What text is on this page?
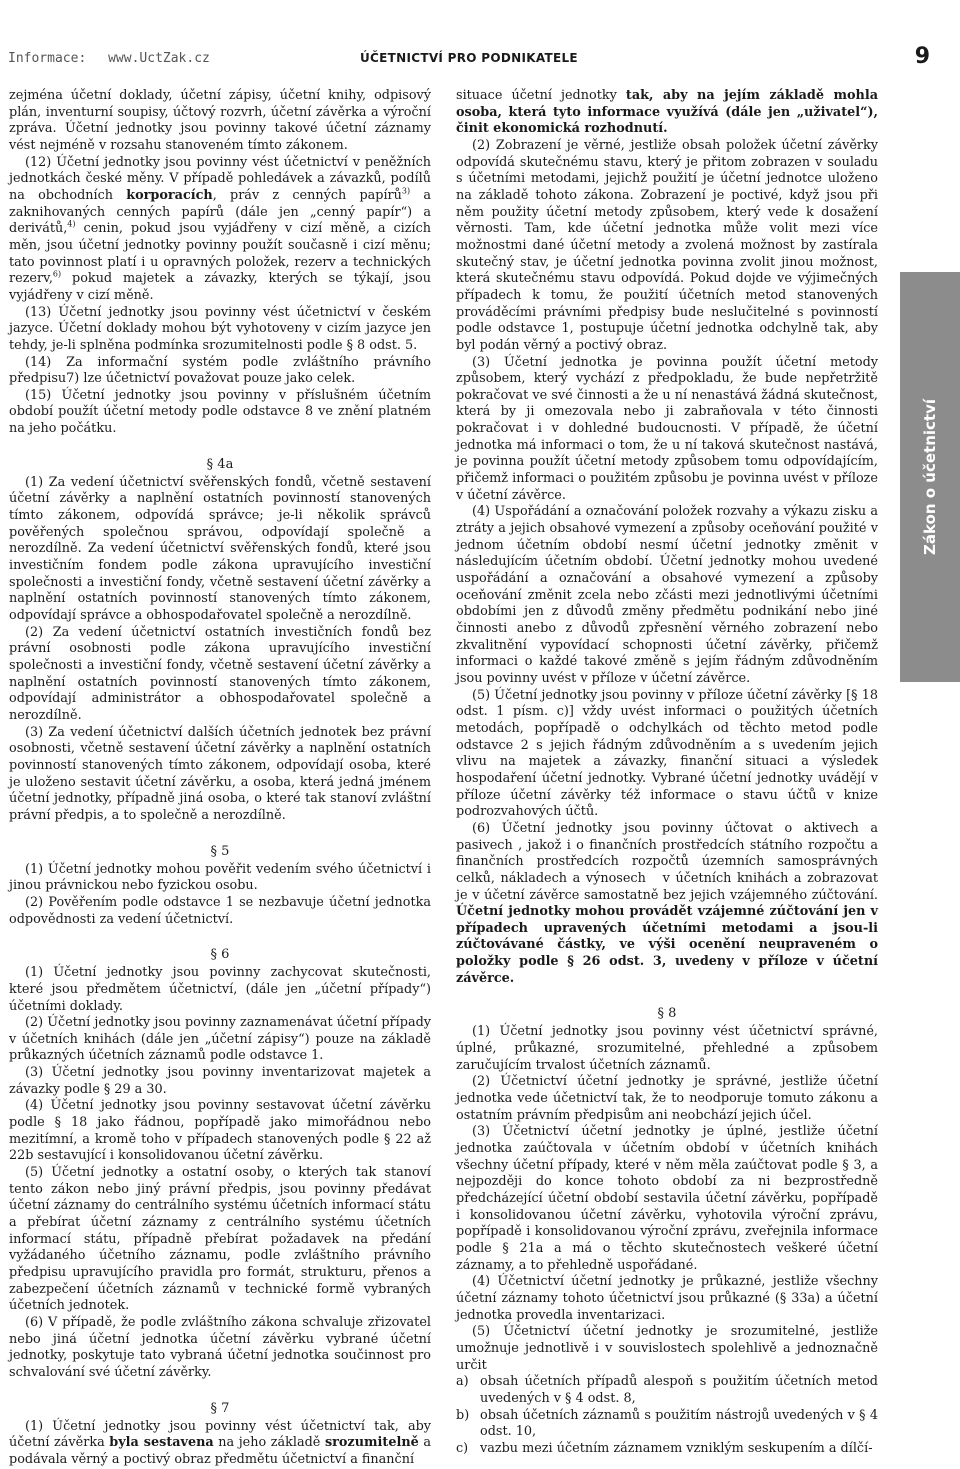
Informace: www.UctZak.cz	ÚČETNICTVÍ PRO PODNIKATELE	9

zejména účetní doklady, účetní zápisy, účetní knihy, odpisový plán, inventurní soupisy, účtový rozvrh, účetní závěrka a výroční zpráva. Účetní jednotky jsou povinny takové účetní záznamy vést nejméně v rozsahu stanoveném tímto zákonem.

(12) Účetní jednotky jsou povinny vést účetnictví v peněžních jednotkách české měny. V případě pohledávek a závazků, podílů na obchodních korporacích, práv z cenných papírů$^{3)}$ a zaknihovaných cenných papírů (dále jen „cenný papír“) a derivátů,$^{4)}$ cenin, pokud jsou vyjádřeny v cizí měně, a cizích měn, jsou účetní jednotky povinny použít současně i cizí měnu; tato povinnost platí i u opravných položek, rezerv a technických rezerv,$^{6)}$ pokud majetek a závazky, kterých se týkají, jsou vyjádřeny v cizí měně.

(13) Účetní jednotky jsou povinny vést účetnictví v českém jazyce. Účetní doklady mohou být vyhotoveny v cizím jazyce jen tehdy, je-li splněna podmínka srozumitelnosti podle § 8 odst. 5.

(14) Za informační systém podle zvláštního právního předpisu7) lze účetnictví považovat pouze jako celek.

(15) Účetní jednotky jsou povinny v příslušném účetním období použít účetní metody podle odstavce 8 ve znění platném na jeho počátku.

§ 4a

(1) Za vedení účetnictví svěřenských fondů, včetně sestavení účetní závěrky a naplnění ostatních povinností stanovených tímto zákonem, odpovídá správce; je-li několik správců pověřených společnou správou, odpovídají společně a nerozdílně. Za vedení účetnictví svěřenských fondů, které jsou investičním fondem podle zákona upravujícího investiční společnosti a investiční fondy, včetně sestavení účetní závěrky a naplnění ostatních povinností stanovených tímto zákonem, odpovídají správce a obhospodařovatel společně a nerozdílně.

(2) Za vedení účetnictví ostatních investičních fondů bez právní osobnosti podle zákona upravujícího investiční společnosti a investiční fondy, včetně sestavení účetní závěrky a naplnění ostatních povinností stanovených tímto zákonem, odpovídají administrátor a obhospodařovatel společně a nerozdílně.

(3) Za vedení účetnictví dalších účetních jednotek bez právní osobnosti, včetně sestavení účetní závěrky a naplnění ostatních povinností stanovených tímto zákonem, odpovídají osoba, které je uloženo sestavit účetní závěrku, a osoba, která jedná jménem účetní jednotky, případně jiná osoba, o které tak stanoví zvláštní právní předpis, a to společně a nerozdílně.

§ 5

(1) Účetní jednotky mohou pověřit vedením svého účetnictví i jinou právnickou nebo fyzickou osobu.

(2) Pověřením podle odstavce 1 se nezbavuje účetní jednotka odpovědnosti za vedení účetnictví.

§ 6

(1) Účetní jednotky jsou povinny zachycovat skutečnosti, které jsou předmětem účetnictví, (dále jen „účetní případy“) účetními doklady.

(2) Účetní jednotky jsou povinny zaznamenávat účetní případy v účetních knihách (dále jen „účetní zápisy“) pouze na základě průkazných účetních záznamů podle odstavce 1.

(3) Účetní jednotky jsou povinny inventarizovat majetek a závazky podle § 29 a 30.

(4) Účetní jednotky jsou povinny sestavovat účetní závěrku podle § 18 jako řádnou, popřípadě jako mimořádnou nebo mezitímní, a kromě toho v případech stanovených podle § 22 až 22b sestavující i konsolidovanou účetní závěrku.

(5) Účetní jednotky a ostatní osoby, o kterých tak stanoví tento zákon nebo jiný právní předpis, jsou povinny předávat účetní záznamy do centrálního systému účetních informací státu a přebírat účetní záznamy z centrálního systému účetních informací státu, případně přebírat požadavek na předání vyžádaného účetního záznamu, podle zvláštního právního předpisu upravujícího pravidla pro formát, strukturu, přenos a zabezpečení účetních záznamů v technické formě vybraných účetních jednotek.

(6) V případě, že podle zvláštního zákona schvaluje zřizovatel nebo jiná účetní jednotka účetní závěrku vybrané účetní jednotky, poskytuje tato vybraná účetní jednotka součinnost pro schvalování své účetní závěrky.

§ 7

(1) Účetní jednotky jsou povinny vést účetnictví tak, aby účetní závěrka byla sestavena na jeho základě srozumitelně a podávala věrný a poctivý obraz předmětu účetnictví a finanční

situace účetní jednotky tak, aby na jejím základě mohla osoba, která tyto informace využívá (dále jen „uživatel“), činit ekonomická rozhodnutí.

(2) Zobrazení je věrné, jestliže obsah položek účetní závěrky odpovídá skutečnému stavu, který je přitom zobrazen v souladu s účetními metodami, jejichž použití je účetní jednotce uloženo na základě tohoto zákona. Zobrazení je poctivé, když jsou při něm použity účetní metody způsobem, který vede k dosažení věrnosti. Tam, kde účetní jednotka může volit mezi více možnostmi dané účetní metody a zvolená možnost by zastírala skutečný stav, je účetní jednotka povinna zvolit jinou možnost, která skutečnému stavu odpovídá. Pokud dojde ve výjimečných případech k tomu, že použití účetních metod stanovených prováděcími právními předpisy bude neslučitelné s povinností podle odstavce 1, postupuje účetní jednotka odchylně tak, aby byl podán věrný a poctivý obraz.

(3) Účetní jednotka je povinna použít účetní metody způsobem, který vychází z předpokladu, že bude nepřetržitě pokračovat ve své činnosti a že u ní nenastává žádná skutečnost, která by ji omezovala nebo ji zabraňovala v této činnosti pokračovat i v dohledné budoucnosti. V případě, že účetní jednotka má informaci o tom, že u ní taková skutečnost nastává, je povinna použít účetní metody způsobem tomu odpovídajícím, přičemž informaci o použitém způsobu je povinna uvést v příloze v účetní závěrce.

(4) Uspořádání a označování položek rozvahy a výkazu zisku a ztráty a jejich obsahové vymezení a způsoby oceňování použité v jednom účetním období nesmí účetní jednotky změnit v následujícím účetním období. Účetní jednotky mohou uvedené uspořádání a označování a obsahové vymezení a způsoby oceňování změnit zcela nebo zčásti mezi jednotlivými účetními obdobími jen z důvodů změny předmětu podnikání nebo jiné činnosti anebo z důvodů zpřesnění věrného zobrazení nebo zkvalitnění vypovídací schopnosti účetní závěrky, přičemž informaci o každé takové změně s jejím řádným zdůvodněním jsou povinny uvést v příloze v účetní závěrce.

(5) Účetní jednotky jsou povinny v příloze účetní závěrky [§ 18 odst. 1 písm. c)] vždy uvést informaci o použitých účetních metodách, popřípadě o odchylkách od těchto metod podle odstavce 2 s jejich řádným zdůvodněním a s uvedením jejich vlivu na majetek a závazky, finanční situaci a výsledek hospodaření účetní jednotky. Vybrané účetní jednotky uvádějí v příloze účetní závěrky též informace o stavu účtů v knize podrozvahových účtů.

(6) Účetní jednotky jsou povinny účtovat o aktivech a pasivech , jakož i o finančních prostředcích státního rozpočtu a finančních prostředcích rozpočtů územních samosprávných celků, nákladech a výnosech   v účetních knihách a zobrazovat je v účetní závěrce samostatně bez jejich vzájemného zúčtování. Účetní jednotky mohou provádět vzájemné zúčtování jen v případech upravených účetními metodami a jsou-li zúčtovávané částky, ve výši ocenění neupraveném o položky podle § 26 odst. 3, uvedeny v příloze v účetní závěrce.

§ 8

(1) Účetní jednotky jsou povinny vést účetnictví správné, úplné, průkazné, srozumitelné, přehledné a způsobem zaručujícím trvalost účetních záznamů.

(2) Účetnictví účetní jednotky je správné, jestliže účetní jednotka vede účetnictví tak, že to neodporuje tomuto zákonu a ostatním právním předpisům ani neobchází jejich účel.

(3) Účetnictví účetní jednotky je úplné, jestliže účetní jednotka zaúčtovala v účetním období v účetních knihách všechny účetní případy, které v něm měla zaúčtovat podle § 3, a nejpozději do konce tohoto období za ni bezprostředně předcházející účetní období sestavila účetní závěrku, popřípadě i konsolidovanou účetní závěrku, vyhotovila výroční zprávu, popřípadě i konsolidovanou výroční zprávu, zveřejnila informace podle § 21a a má o těchto skutečnostech veškeré účetní záznamy, a to přehledně uspořádané.

(4) Účetnictví účetní jednotky je průkazné, jestliže všechny účetní záznamy tohoto účetnictví jsou průkazné (§ 33a) a účetní jednotka provedla inventarizaci.

(5) Účetnictví účetní jednotky je srozumitelné, jestliže umožnuje jednotlivě i v souvislostech spolehlivě a jednoznačně určit

a) obsah účetních případů alespoň s použitím účetních metod uvedených v § 4 odst. 8,

b) obsah účetních záznamů s použitím nástrojů uvedených v § 4 odst. 10,

c) vazbu mezi účetním záznamem vzniklým seskupením a dílčí-

Zákon o účetnictví
